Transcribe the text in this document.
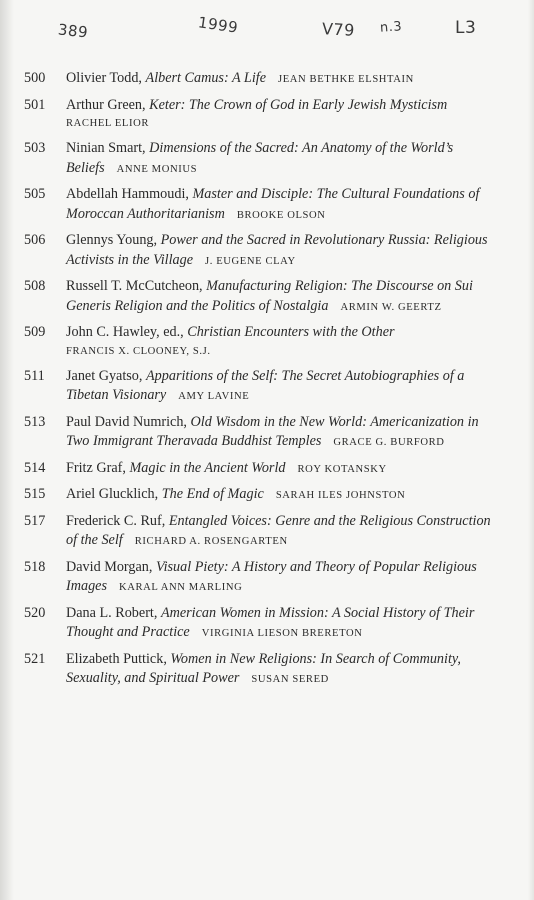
389	1999	V79 n.3	L3
500	Olivier Todd, Albert Camus: A Life JEAN BETHKE ELSHTAIN
501	Arthur Green, Keter: The Crown of God in Early Jewish Mysticism
RACHEL ELIOR
503	Ninian Smart, Dimensions of the Sacred: An Anatomy of the World’s Beliefs ANNE MONIUS
505	Abdellah Hammoudi, Master and Disciple: The Cultural Foundations of Moroccan Authoritarianism BROOKE OLSON
506	Glennys Young, Power and the Sacred in Revolutionary Russia: Religious Activists in the Village J. EUGENE CLAY
508	Russell T. McCutcheon, Manufacturing Religion: The Discourse on Sui Generis Religion and the Politics of Nostalgia ARMIN W. GEERTZ
509	John C. Hawley, ed., Christian Encounters with the Other
FRANCIS X. CLOONEY, S.J.
511	Janet Gyatso, Apparitions of the Self: The Secret Autobiographies of a Tibetan Visionary AMY LAVINE
513	Paul David Numrich, Old Wisdom in the New World: Americanization in Two Immigrant Theravada Buddhist Temples GRACE G. BURFORD
514	Fritz Graf, Magic in the Ancient World ROY KOTANSKY
515	Ariel Glucklich, The End of Magic SARAH ILES JOHNSTON
517	Frederick C. Ruf, Entangled Voices: Genre and the Religious Construction of the Self RICHARD A. ROSENGARTEN
518	David Morgan, Visual Piety: A History and Theory of Popular Religious Images KARAL ANN MARLING
520	Dana L. Robert, American Women in Mission: A Social History of Their Thought and Practice VIRGINIA LIESON BRERETON
521	Elizabeth Puttick, Women in New Religions: In Search of Community, Sexuality, and Spiritual Power SUSAN SERED
